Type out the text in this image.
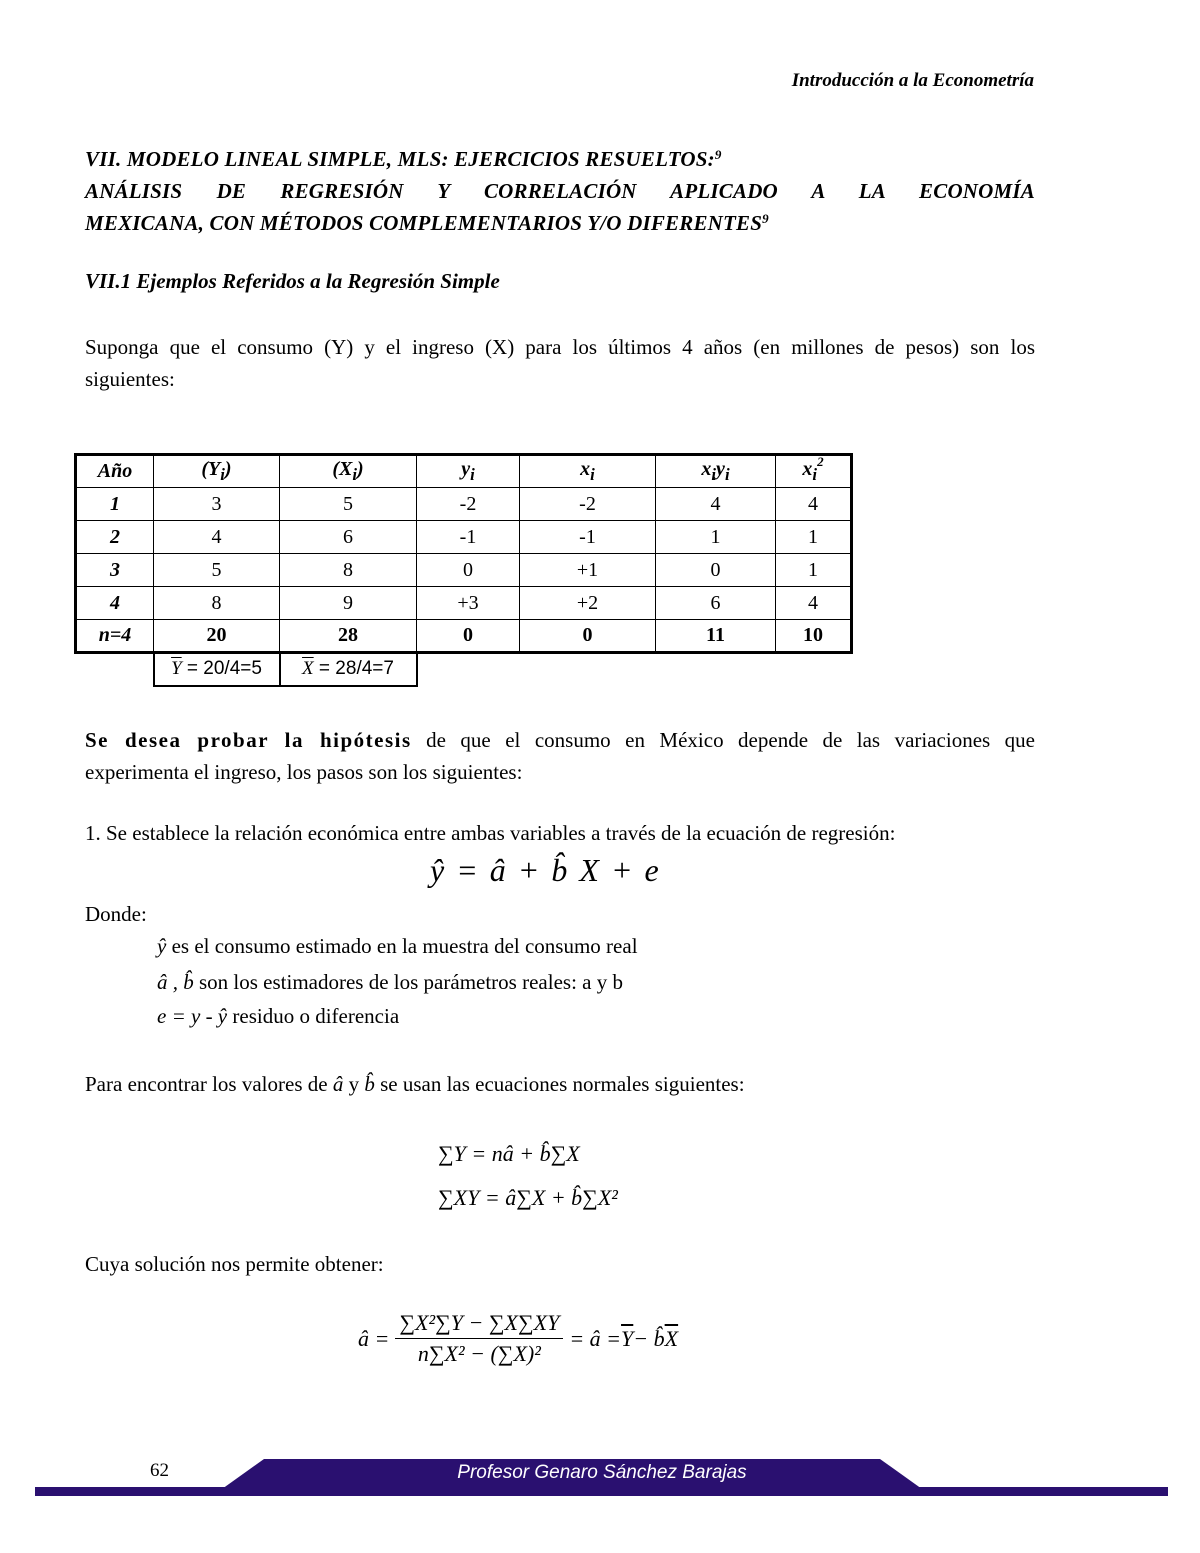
Introducción a la Econometría
VII. MODELO LINEAL SIMPLE, MLS: EJERCICIOS RESUELTOS:$^9$
ANÁLISIS DE REGRESIÓN Y CORRELACIÓN APLICADO A LA ECONOMÍA
MEXICANA, CON MÉTODOS COMPLEMENTARIOS Y/O DIFERENTES$^9$
VII.1 Ejemplos Referidos a la Regresión Simple
Suponga que el consumo (Y) y el ingreso (X) para los últimos 4 años (en millones de pesos) son los
siguientes:
Año	$(Y_i)$	$(X_i)$	$y_i$	$x_i$	$x_iy_i$	$x_i^2$
1	3	5	-2	-2	4	4
2	4	6	-1	-1	1	1
3	5	8	0	+1	0	1
4	8	9	+3	+2	6	4
n=4	20	28	0	0	11	10
	$\overline{Y} = 20/4=5$	$\overline{X} = 28/4=7$				
Se desea probar la hipótesis de que el consumo en México depende de las variaciones que
experimenta el ingreso, los pasos son los siguientes:
1. Se establece la relación económica entre ambas variables a través de la ecuación de regresión:
ŷ = â + b̂ X + e
Donde:
ŷ es el consumo estimado en la muestra del consumo real
â , b̂ son los estimadores de los parámetros reales: a y b
e = y - ŷ residuo o diferencia
Para encontrar los valores de â y b̂ se usan las ecuaciones normales siguientes:
∑Y = nâ + b̂∑X
∑XY = â∑X + b̂∑X²
Cuya solución nos permite obtener:
â = $\frac{\text{∑X²∑Y − ∑X∑XY}}{\text{n∑X² − (∑X)²}}$ = â = $\overline{Y}$ − b̂ $\overline{X}$
62	Profesor Genaro Sánchez Barajas
